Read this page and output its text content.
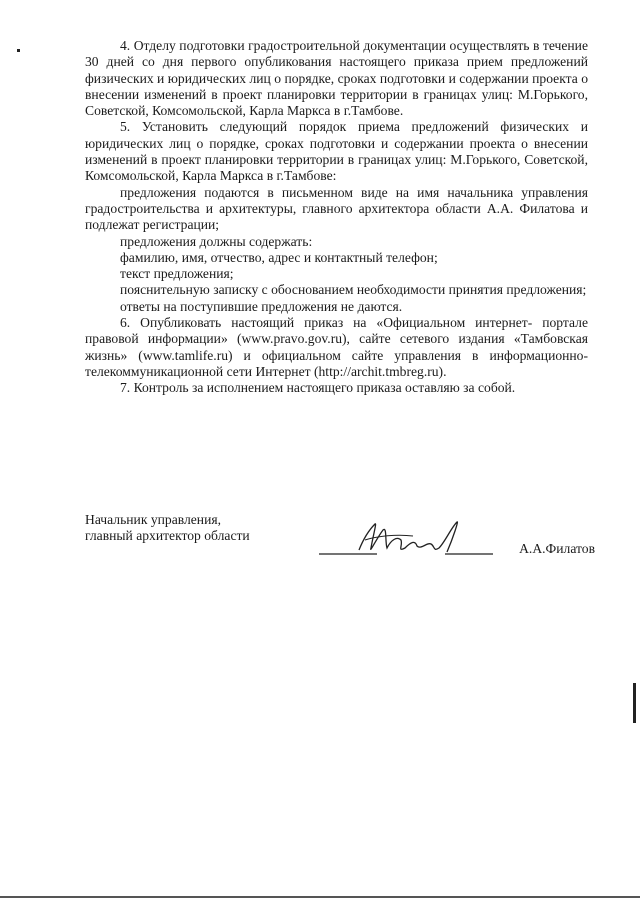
4. Отделу подготовки градостроительной документации осуществлять в течение 30 дней со дня первого опубликования настоящего приказа прием предложений физических и юридических лиц о порядке, сроках подготовки и содержании проекта о внесении изменений в проект планировки территории в границах улиц: М.Горького, Советской, Комсомольской, Карла Маркса в г.Тамбове.

5. Установить следующий порядок приема предложений физических и юридических лиц о порядке, сроках подготовки и содержании проекта о внесении изменений в проект планировки территории в границах улиц: М.Горького, Советской, Комсомольской, Карла Маркса в г.Тамбове:

предложения подаются в письменном виде на имя начальника управления градостроительства и архитектуры, главного архитектора области А.А. Филатова и подлежат регистрации;

предложения должны содержать:

фамилию, имя, отчество, адрес и контактный телефон;

текст предложения;

пояснительную записку с обоснованием необходимости принятия предложения;

ответы на поступившие предложения не даются.

6. Опубликовать настоящий приказ на «Официальном интернет- портале правовой информации» (www.pravo.gov.ru), сайте сетевого издания «Тамбовская жизнь» (www.tamlife.ru) и официальном сайте управления в информационно-телекоммуникационной сети Интернет (http://archit.tmbreg.ru).

7. Контроль за исполнением настоящего приказа оставляю за собой.

Начальник управления,
главный архитектор области
А.А.Филатов
